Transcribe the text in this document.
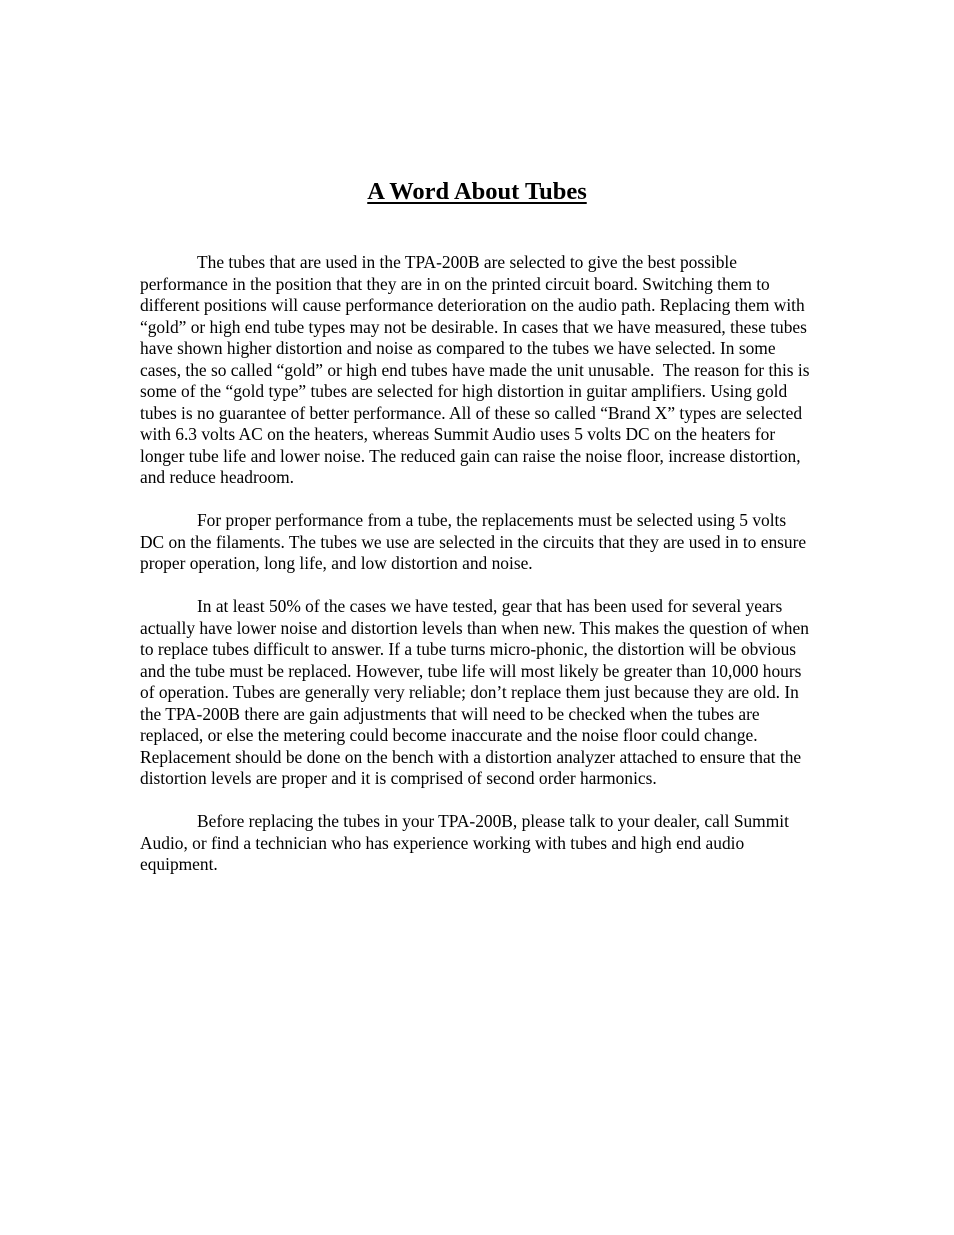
A Word About Tubes

The tubes that are used in the TPA-200B are selected to give the best possible performance in the position that they are in on the printed circuit board. Switching them to different positions will cause performance deterioration on the audio path. Replacing them with “gold” or high end tube types may not be desirable. In cases that we have measured, these tubes have shown higher distortion and noise as compared to the tubes we have selected. In some cases, the so called “gold” or high end tubes have made the unit unusable.  The reason for this is some of the “gold type” tubes are selected for high distortion in guitar amplifiers. Using gold tubes is no guarantee of better performance. All of these so called “Brand X” types are selected with 6.3 volts AC on the heaters, whereas Summit Audio uses 5 volts DC on the heaters for longer tube life and lower noise. The reduced gain can raise the noise floor, increase distortion, and reduce headroom.

For proper performance from a tube, the replacements must be selected using 5 volts DC on the filaments. The tubes we use are selected in the circuits that they are used in to ensure proper operation, long life, and low distortion and noise.

In at least 50% of the cases we have tested, gear that has been used for several years actually have lower noise and distortion levels than when new. This makes the question of when to replace tubes difficult to answer. If a tube turns micro-phonic, the distortion will be obvious and the tube must be replaced. However, tube life will most likely be greater than 10,000 hours of operation. Tubes are generally very reliable; don’t replace them just because they are old. In the TPA-200B there are gain adjustments that will need to be checked when the tubes are replaced, or else the metering could become inaccurate and the noise floor could change. Replacement should be done on the bench with a distortion analyzer attached to ensure that the distortion levels are proper and it is comprised of second order harmonics.

Before replacing the tubes in your TPA-200B, please talk to your dealer, call Summit Audio, or find a technician who has experience working with tubes and high end audio equipment.
